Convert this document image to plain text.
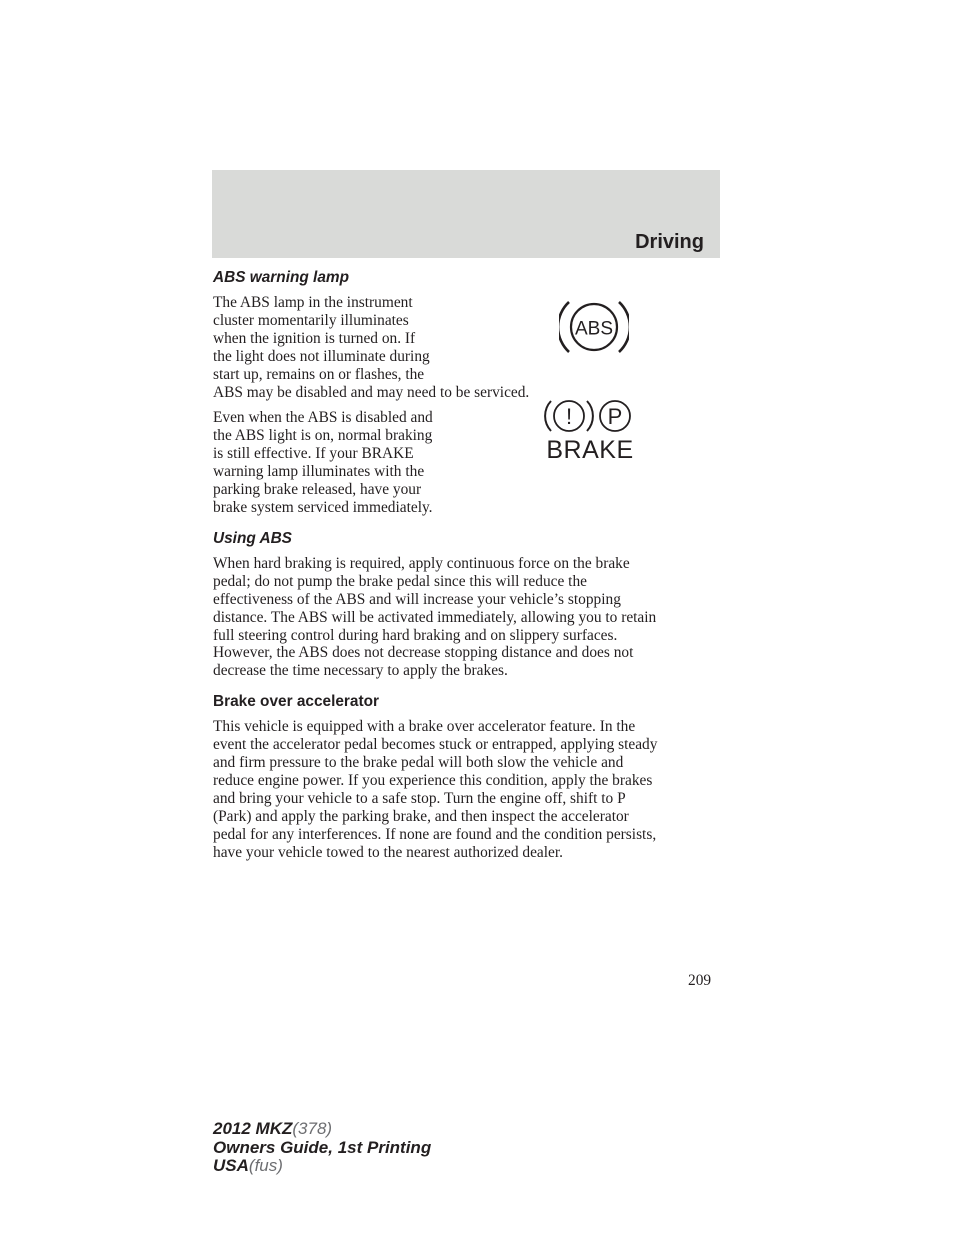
Driving
ABS warning lamp

The ABS lamp in the instrument
cluster momentarily illuminates
when the ignition is turned on. If
the light does not illuminate during
start up, remains on or flashes, the
ABS may be disabled and may need to be serviced.

Even when the ABS is disabled and
the ABS light is on, normal braking
is still effective. If your BRAKE
warning lamp illuminates with the
parking brake released, have your
brake system serviced immediately.

Using ABS

When hard braking is required, apply continuous force on the brake
pedal; do not pump the brake pedal since this will reduce the
effectiveness of the ABS and will increase your vehicle’s stopping
distance. The ABS will be activated immediately, allowing you to retain
full steering control during hard braking and on slippery surfaces.
However, the ABS does not decrease stopping distance and does not
decrease the time necessary to apply the brakes.

Brake over accelerator

This vehicle is equipped with a brake over accelerator feature. In the
event the accelerator pedal becomes stuck or entrapped, applying steady
and firm pressure to the brake pedal will both slow the vehicle and
reduce engine power. If you experience this condition, apply the brakes
and bring your vehicle to a safe stop. Turn the engine off, shift to P
(Park) and apply the parking brake, and then inspect the accelerator
pedal for any interferences. If none are found and the condition persists,
have your vehicle towed to the nearest authorized dealer.

ABS
! P
BRAKE
209
2012 MKZ(378)
Owners Guide, 1st Printing
USA(fus)
